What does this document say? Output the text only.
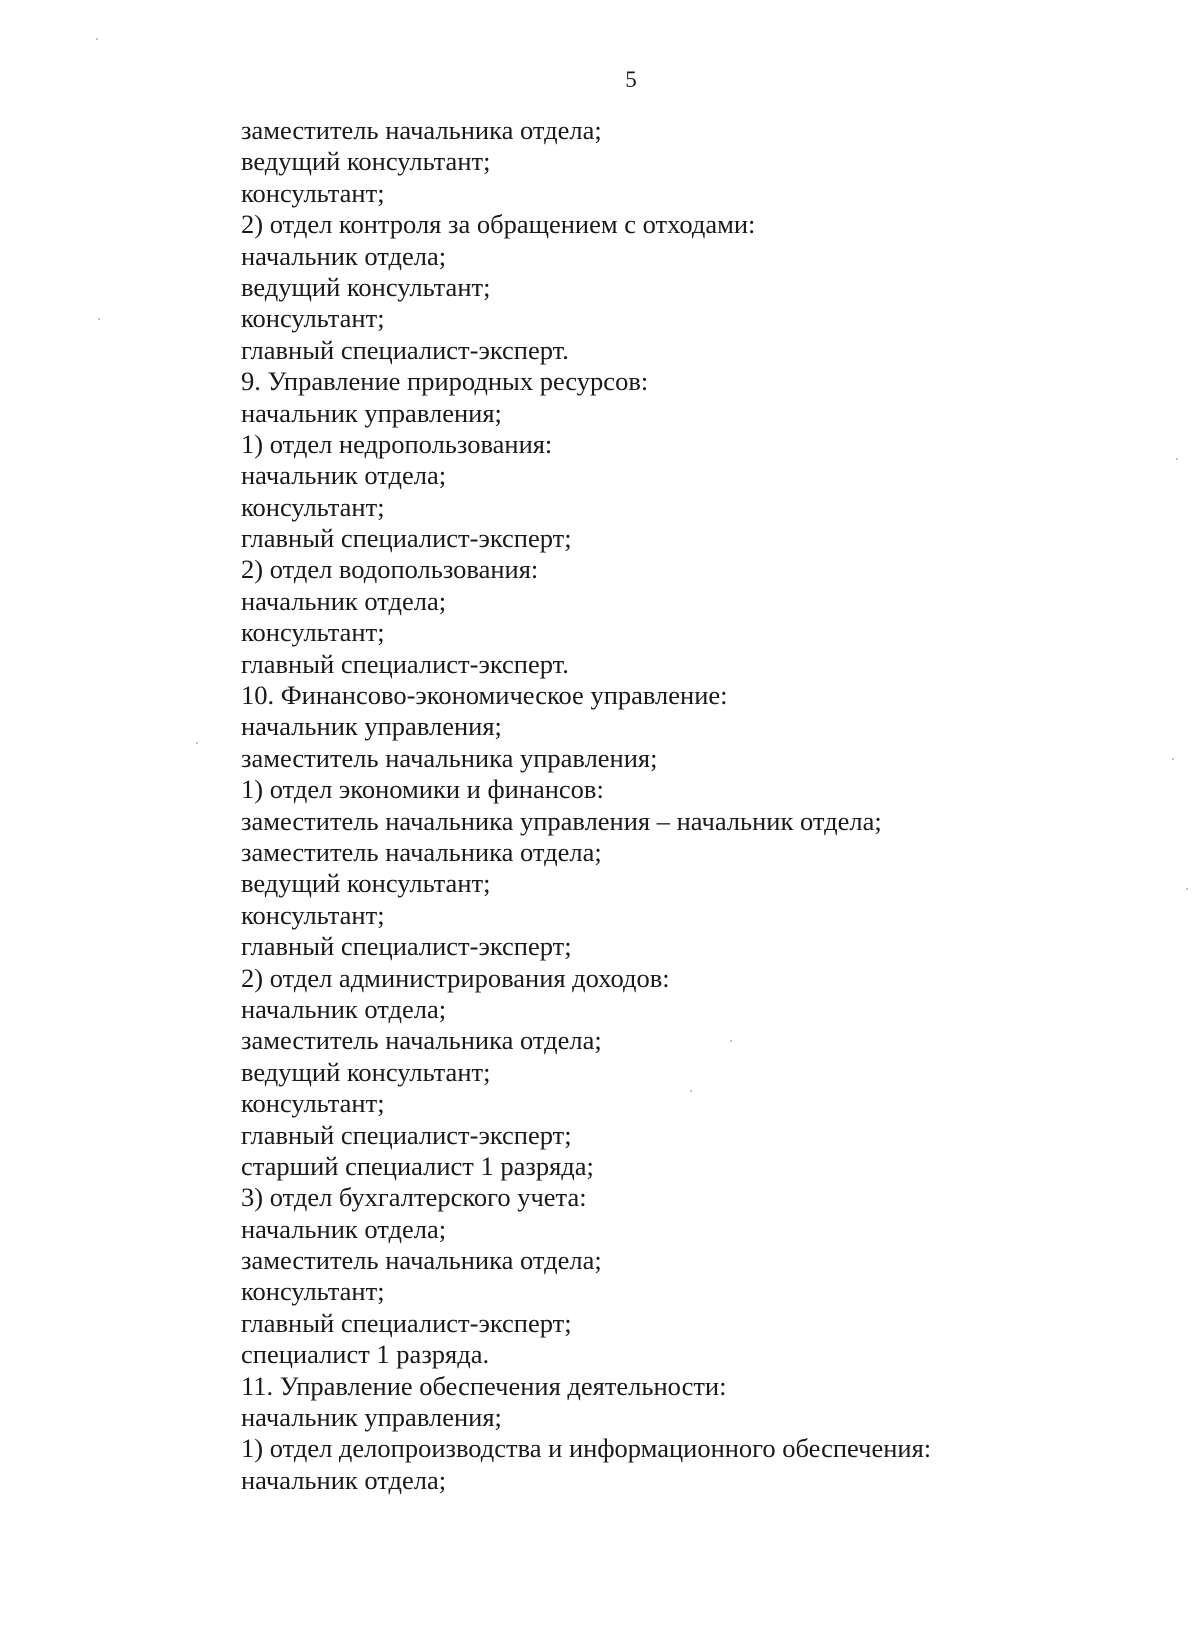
5
заместитель начальника отдела;
ведущий консультант;
консультант;
2) отдел контроля за обращением с отходами:
начальник отдела;
ведущий консультант;
консультант;
главный специалист-эксперт.
9. Управление природных ресурсов:
начальник управления;
1) отдел недропользования:
начальник отдела;
консультант;
главный специалист-эксперт;
2) отдел водопользования:
начальник отдела;
консультант;
главный специалист-эксперт.
10. Финансово-экономическое управление:
начальник управления;
заместитель начальника управления;
1) отдел экономики и финансов:
заместитель начальника управления – начальник отдела;
заместитель начальника отдела;
ведущий консультант;
консультант;
главный специалист-эксперт;
2) отдел администрирования доходов:
начальник отдела;
заместитель начальника отдела;
ведущий консультант;
консультант;
главный специалист-эксперт;
старший специалист 1 разряда;
3) отдел бухгалтерского учета:
начальник отдела;
заместитель начальника отдела;
консультант;
главный специалист-эксперт;
специалист 1 разряда.
11. Управление обеспечения деятельности:
начальник управления;
1) отдел делопроизводства и информационного обеспечения:
начальник отдела;
